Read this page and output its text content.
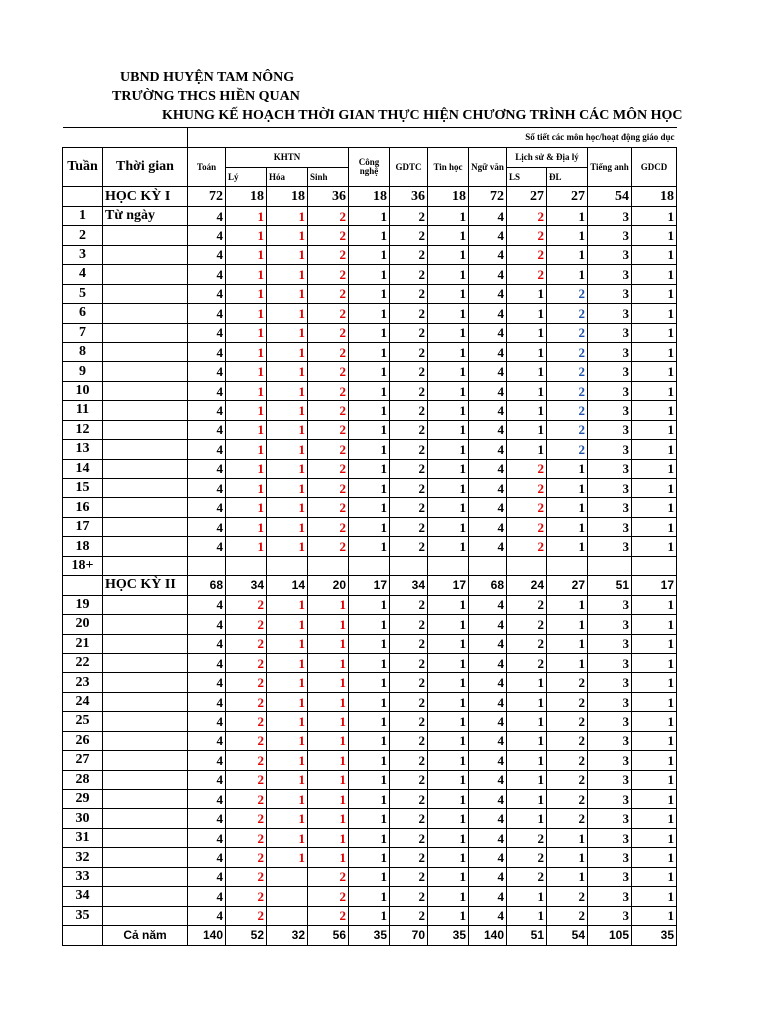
UBND HUYỆN TAM NÔNG
TRƯỜNG THCS HIỀN QUAN
KHUNG KẾ HOẠCH THỜI GIAN THỰC HIỆN CHƯƠNG TRÌNH CÁC MÔN HỌC
		Số tiết các môn học/hoạt động giáo dục											
Tuần	Thời gian	Toán	KHTN			Công nghệ	GDTC	Tin học	Ngữ văn	Lịch sử & Địa lý		Tiếng anh	GDCD
			Lý	Hóa	Sinh					LS	ĐL		
	HỌC KỲ I	72	18	18	36	18	36	18	72	27	27	54	18
1	Từ ngày	4	1	1	2	1	2	1	4	2	1	3	1
2		4	1	1	2	1	2	1	4	2	1	3	1
3		4	1	1	2	1	2	1	4	2	1	3	1
4		4	1	1	2	1	2	1	4	2	1	3	1
5		4	1	1	2	1	2	1	4	1	2	3	1
6		4	1	1	2	1	2	1	4	1	2	3	1
7		4	1	1	2	1	2	1	4	1	2	3	1
8		4	1	1	2	1	2	1	4	1	2	3	1
9		4	1	1	2	1	2	1	4	1	2	3	1
10		4	1	1	2	1	2	1	4	1	2	3	1
11		4	1	1	2	1	2	1	4	1	2	3	1
12		4	1	1	2	1	2	1	4	1	2	3	1
13		4	1	1	2	1	2	1	4	1	2	3	1
14		4	1	1	2	1	2	1	4	2	1	3	1
15		4	1	1	2	1	2	1	4	2	1	3	1
16		4	1	1	2	1	2	1	4	2	1	3	1
17		4	1	1	2	1	2	1	4	2	1	3	1
18		4	1	1	2	1	2	1	4	2	1	3	1
18+													
	HỌC KỲ II	68	34	14	20	17	34	17	68	24	27	51	17
19		4	2	1	1	1	2	1	4	2	1	3	1
20		4	2	1	1	1	2	1	4	2	1	3	1
21		4	2	1	1	1	2	1	4	2	1	3	1
22		4	2	1	1	1	2	1	4	2	1	3	1
23		4	2	1	1	1	2	1	4	1	2	3	1
24		4	2	1	1	1	2	1	4	1	2	3	1
25		4	2	1	1	1	2	1	4	1	2	3	1
26		4	2	1	1	1	2	1	4	1	2	3	1
27		4	2	1	1	1	2	1	4	1	2	3	1
28		4	2	1	1	1	2	1	4	1	2	3	1
29		4	2	1	1	1	2	1	4	1	2	3	1
30		4	2	1	1	1	2	1	4	1	2	3	1
31		4	2	1	1	1	2	1	4	2	1	3	1
32		4	2	1	1	1	2	1	4	2	1	3	1
33		4	2		2	1	2	1	4	2	1	3	1
34		4	2		2	1	2	1	4	1	2	3	1
35		4	2		2	1	2	1	4	1	2	3	1
	Cả năm	140	52	32	56	35	70	35	140	51	54	105	35
